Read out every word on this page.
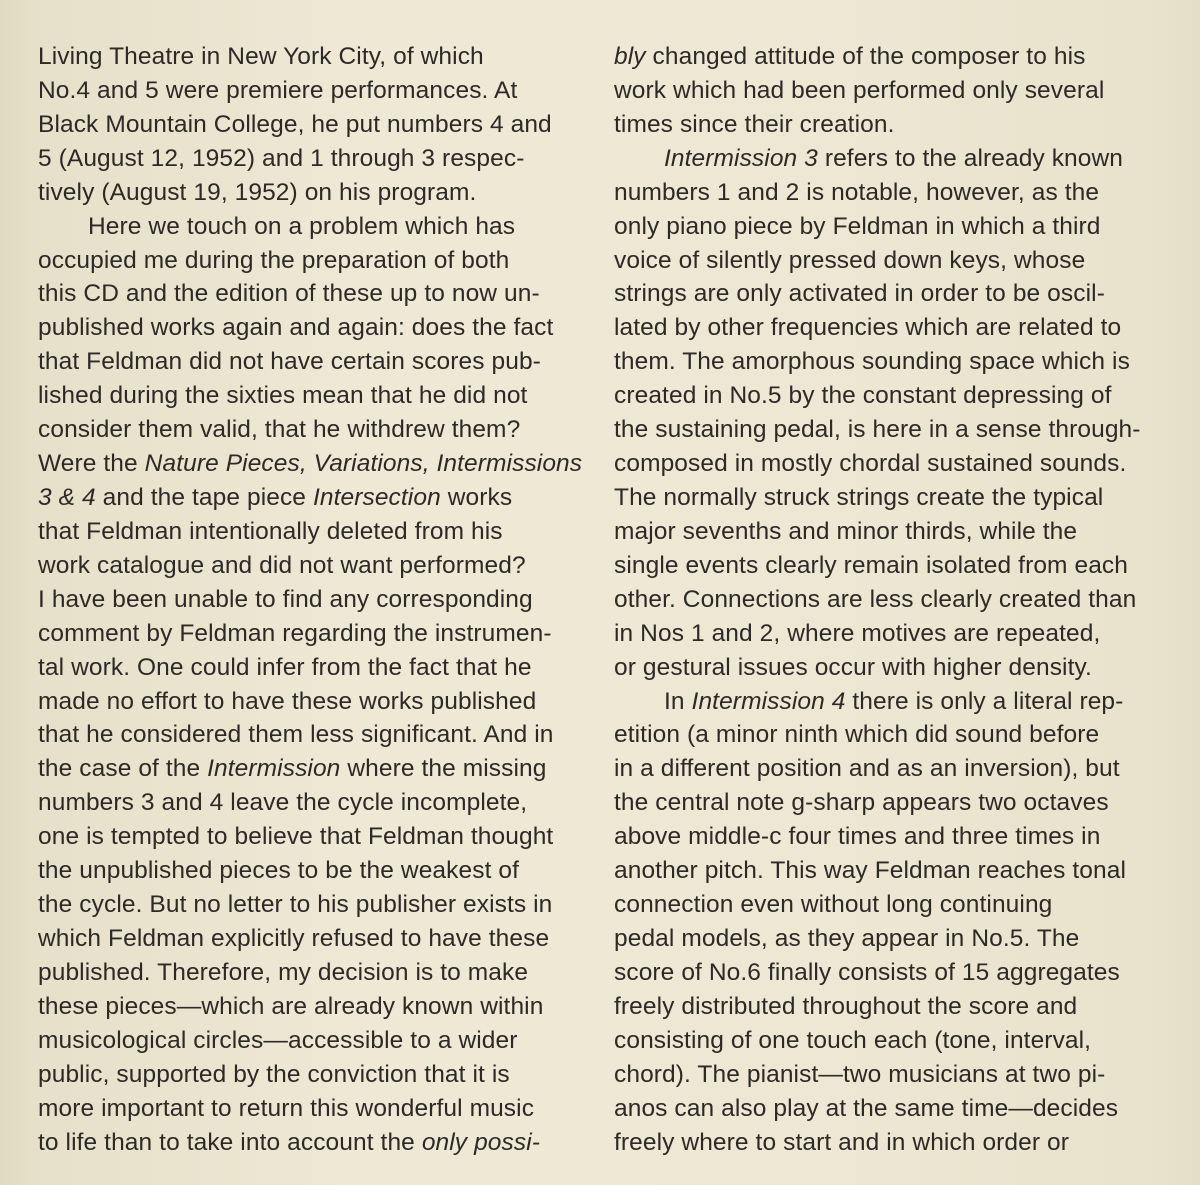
Living Theatre in New York City, of which
No.4 and 5 were premiere performances. At
Black Mountain College, he put numbers 4 and
5 (August 12, 1952) and 1 through 3 respec-
tively (August 19, 1952) on his program.
Here we touch on a problem which has
occupied me during the preparation of both
this CD and the edition of these up to now un-
published works again and again: does the fact
that Feldman did not have certain scores pub-
lished during the sixties mean that he did not
consider them valid, that he withdrew them?
Were the Nature Pieces, Variations, Intermissions
3 & 4 and the tape piece Intersection works
that Feldman intentionally deleted from his
work catalogue and did not want performed?
I have been unable to find any corresponding
comment by Feldman regarding the instrumen-
tal work. One could infer from the fact that he
made no effort to have these works published
that he considered them less significant. And in
the case of the Intermission where the missing
numbers 3 and 4 leave the cycle incomplete,
one is tempted to believe that Feldman thought
the unpublished pieces to be the weakest of
the cycle. But no letter to his publisher exists in
which Feldman explicitly refused to have these
published. Therefore, my decision is to make
these pieces—which are already known within
musicological circles—accessible to a wider
public, supported by the conviction that it is
more important to return this wonderful music
to life than to take into account the only possi-
bly changed attitude of the composer to his
work which had been performed only several
times since their creation.
Intermission 3 refers to the already known
numbers 1 and 2 is notable, however, as the
only piano piece by Feldman in which a third
voice of silently pressed down keys, whose
strings are only activated in order to be oscil-
lated by other frequencies which are related to
them. The amorphous sounding space which is
created in No.5 by the constant depressing of
the sustaining pedal, is here in a sense through-
composed in mostly chordal sustained sounds.
The normally struck strings create the typical
major sevenths and minor thirds, while the
single events clearly remain isolated from each
other. Connections are less clearly created than
in Nos 1 and 2, where motives are repeated,
or gestural issues occur with higher density.
In Intermission 4 there is only a literal rep-
etition (a minor ninth which did sound before
in a different position and as an inversion), but
the central note g-sharp appears two octaves
above middle-c four times and three times in
another pitch. This way Feldman reaches tonal
connection even without long continuing
pedal models, as they appear in No.5. The
score of No.6 finally consists of 15 aggregates
freely distributed throughout the score and
consisting of one touch each (tone, interval,
chord). The pianist—two musicians at two pi-
anos can also play at the same time—decides
freely where to start and in which order or
